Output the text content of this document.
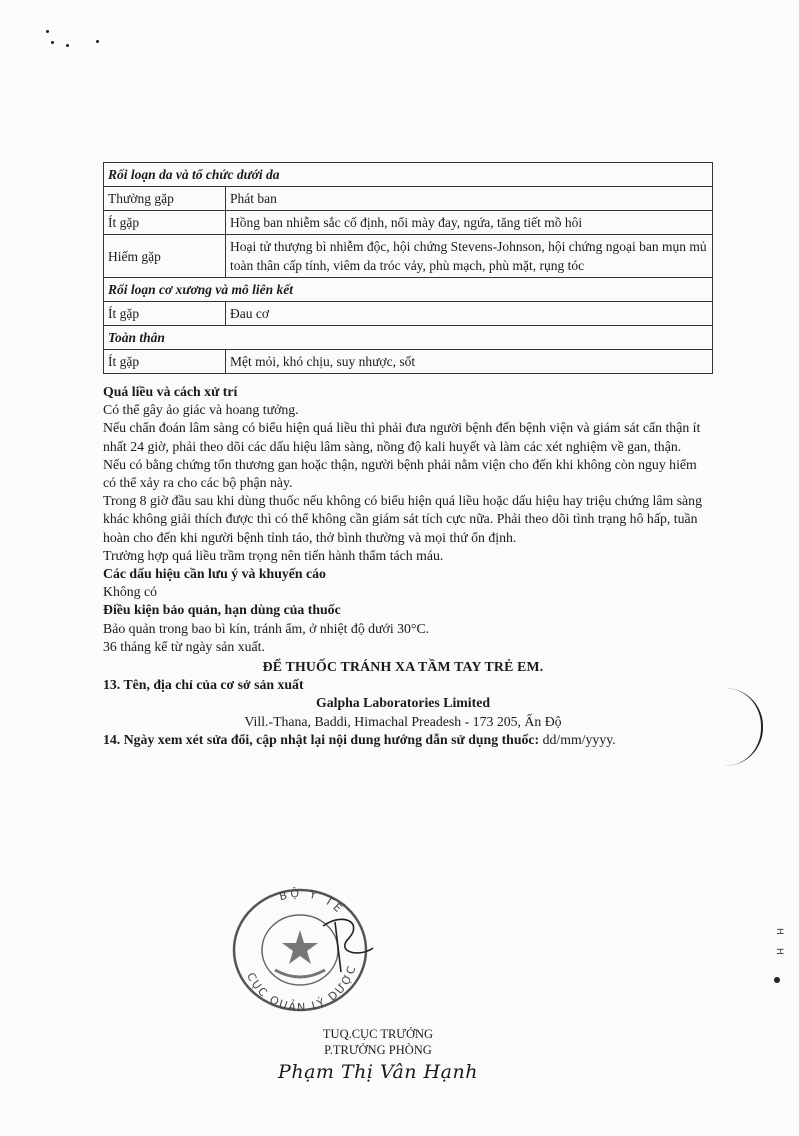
Rối loạn da và tổ chức dưới da	
Thường gặp	Phát ban
Ít gặp	Hồng ban nhiễm sắc cố định, nổi mày đay, ngứa, tăng tiết mồ hôi
Hiếm gặp	Hoại tử thượng bì nhiễm độc, hội chứng Stevens-Johnson, hội chứng ngoại ban mụn mủ toàn thân cấp tính, viêm da tróc vảy, phù mạch, phù mặt, rụng tóc
Rối loạn cơ xương và mô liên kết	
Ít gặp	Đau cơ
Toàn thân	
Ít gặp	Mệt mỏi, khó chịu, suy nhược, sốt

Quá liều và cách xử trí

Có thể gây ảo giác và hoang tưởng.

Nếu chẩn đoán lâm sàng có biểu hiện quá liều thì phải đưa người bệnh đến bệnh viện và giám sát cẩn thận ít nhất 24 giờ, phải theo dõi các dấu hiệu lâm sàng, nồng độ kali huyết và làm các xét nghiệm về gan, thận.

Nếu có bằng chứng tổn thương gan hoặc thận, người bệnh phải nằm viện cho đến khi không còn nguy hiểm có thể xảy ra cho các bộ phận này.

Trong 8 giờ đầu sau khi dùng thuốc nếu không có biểu hiện quá liều hoặc dấu hiệu hay triệu chứng lâm sàng khác không giải thích được thì có thể không cần giám sát tích cực nữa. Phải theo dõi tình trạng hô hấp, tuần hoàn cho đến khi người bệnh tỉnh táo, thở bình thường và mọi thứ ổn định.

Trường hợp quá liều trầm trọng nên tiến hành thẩm tách máu.

Các dấu hiệu cần lưu ý và khuyến cáo

Không có

Điều kiện bảo quản, hạn dùng của thuốc

Bảo quản trong bao bì kín, tránh ẩm, ở nhiệt độ dưới 30°C.

36 tháng kể từ ngày sản xuất.

ĐỂ THUỐC TRÁNH XA TẦM TAY TRẺ EM.

13. Tên, địa chỉ của cơ sở sản xuất

Galpha Laboratories Limited

Vill.-Thana, Baddi, Himachal Preadesh - 173 205, Ấn Độ

14. Ngày xem xét sửa đổi, cập nhật lại nội dung hướng dẫn sử dụng thuốc: dd/mm/yyyy.

H
H
BỘ Y TẾ
CỤC QUẢN LÝ DƯỢC
TUQ.CỤC TRƯỞNG
P.TRƯỞNG PHÒNG
Phạm Thị Vân Hạnh
